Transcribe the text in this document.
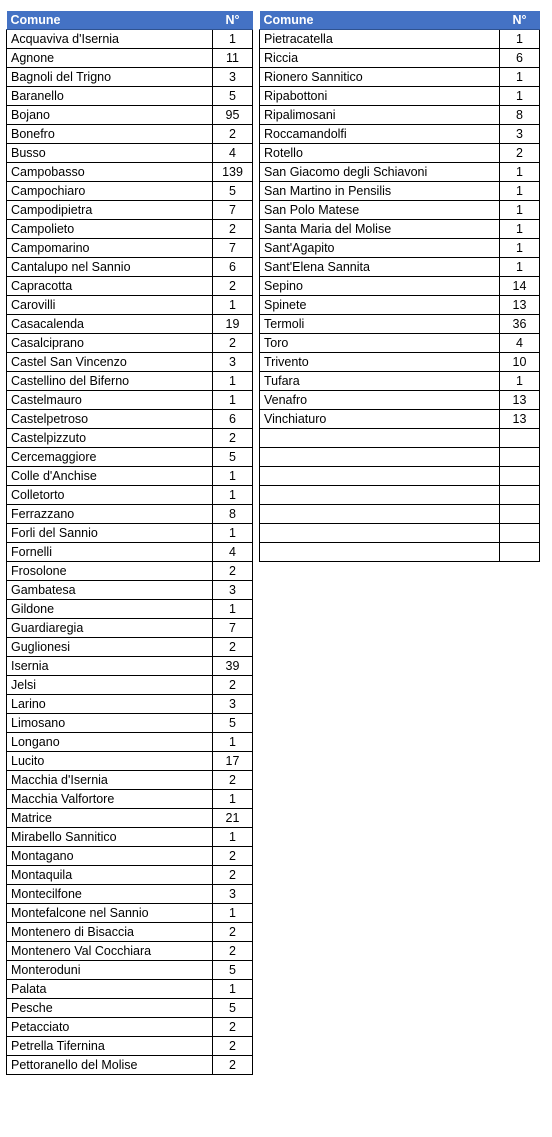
Comune	N°
Acquaviva d'Isernia	1
Agnone	11
Bagnoli del Trigno	3
Baranello	5
Bojano	95
Bonefro	2
Busso	4
Campobasso	139
Campochiaro	5
Campodipietra	7
Campolieto	2
Campomarino	7
Cantalupo nel Sannio	6
Capracotta	2
Carovilli	1
Casacalenda	19
Casalciprano	2
Castel San Vincenzo	3
Castellino del Biferno	1
Castelmauro	1
Castelpetroso	6
Castelpizzuto	2
Cercemaggiore	5
Colle d'Anchise	1
Colletorto	1
Ferrazzano	8
Forli del Sannio	1
Fornelli	4
Frosolone	2
Gambatesa	3
Gildone	1
Guardiaregia	7
Guglionesi	2
Isernia	39
Jelsi	2
Larino	3
Limosano	5
Longano	1
Lucito	17
Macchia d'Isernia	2
Macchia Valfortore	1
Matrice	21
Mirabello Sannitico	1
Montagano	2
Montaquila	2
Montecilfone	3
Montefalcone nel Sannio	1
Montenero di Bisaccia	2
Montenero Val Cocchiara	2
Monteroduni	5
Palata	1
Pesche	5
Petacciato	2
Petrella Tifernina	2
Pettoranello del Molise	2
Comune	N°
Pietracatella	1
Riccia	6
Rionero Sannitico	1
Ripabottoni	1
Ripalimosani	8
Roccamandolfi	3
Rotello	2
San Giacomo degli Schiavoni	1
San Martino in Pensilis	1
San Polo Matese	1
Santa Maria del Molise	1
Sant'Agapito	1
Sant'Elena Sannita	1
Sepino	14
Spinete	13
Termoli	36
Toro	4
Trivento	10
Tufara	1
Venafro	13
Vinchiaturo	13
